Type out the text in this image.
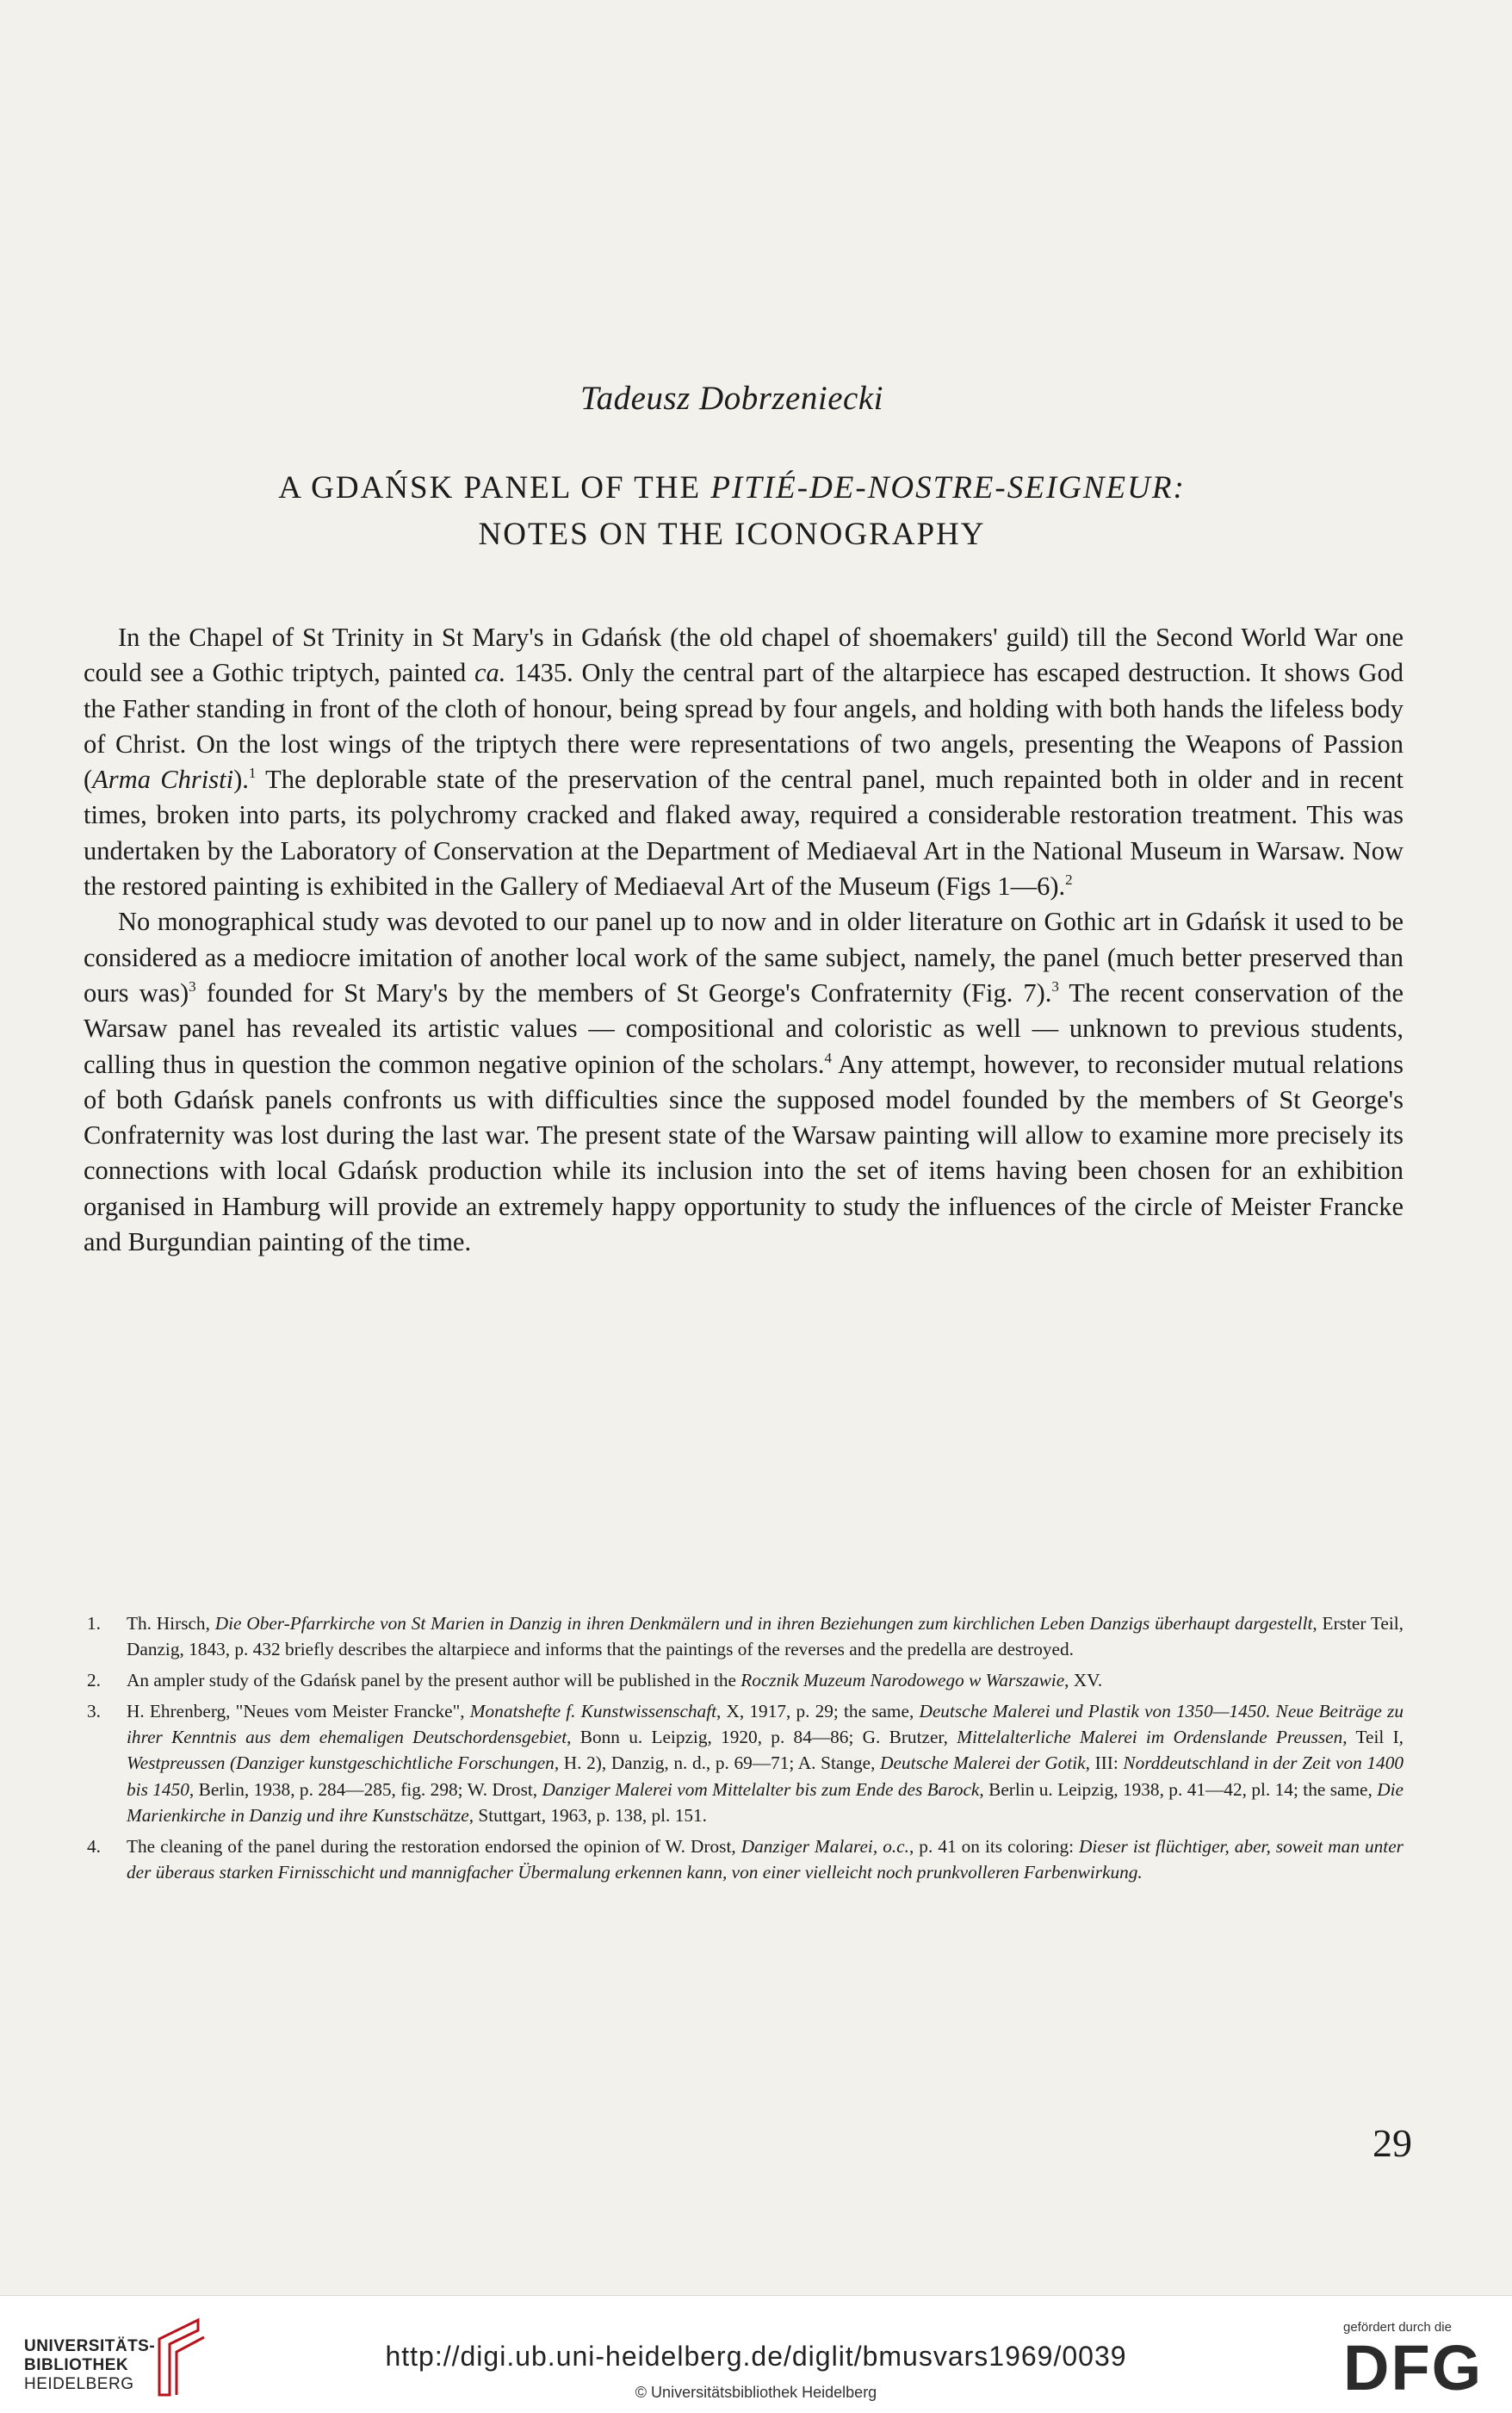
Tadeusz Dobrzeniecki
A GDAŃSK PANEL OF THE PITIÉ-DE-NOSTRE-SEIGNEUR:
NOTES ON THE ICONOGRAPHY

In the Chapel of St Trinity in St Mary's in Gdańsk (the old chapel of shoemakers' guild) till the Second World War one could see a Gothic triptych, painted ca. 1435. Only the central part of the altarpiece has escaped destruction. It shows God the Father standing in front of the cloth of honour, being spread by four angels, and holding with both hands the lifeless body of Christ. On the lost wings of the triptych there were representations of two angels, presenting the Weapons of Passion (Arma Christi).$^1$ The deplorable state of the preservation of the central panel, much repainted both in older and in recent times, broken into parts, its polychromy cracked and flaked away, required a considerable restoration treatment. This was undertaken by the Laboratory of Conservation at the Department of Mediaeval Art in the National Museum in Warsaw. Now the restored painting is exhibited in the Gallery of Mediaeval Art of the Museum (Figs 1—6).$^2$

No monographical study was devoted to our panel up to now and in older literature on Gothic art in Gdańsk it used to be considered as a mediocre imitation of another local work of the same subject, namely, the panel (much better preserved than ours was)$^3$ founded for St Mary's by the members of St George's Confraternity (Fig. 7).$^3$ The recent conservation of the Warsaw panel has revealed its artistic values — compositional and coloristic as well — unknown to previous students, calling thus in question the common negative opinion of the scholars.$^4$ Any attempt, however, to reconsider mutual relations of both Gdańsk panels confronts us with difficulties since the supposed model founded by the members of St George's Confraternity was lost during the last war. The present state of the Warsaw painting will allow to examine more precisely its connections with local Gdańsk production while its inclusion into the set of items having been chosen for an exhibition organised in Hamburg will provide an extremely happy opportunity to study the influences of the circle of Meister Francke and Burgundian painting of the time.

1. Th. Hirsch, Die Ober-Pfarrkirche von St Marien in Danzig in ihren Denkmälern und in ihren Beziehungen zum kirchlichen Leben Danzigs überhaupt dargestellt, Erster Teil, Danzig, 1843, p. 432 briefly describes the altarpiece and informs that the paintings of the reverses and the predella are destroyed.
2. An ampler study of the Gdańsk panel by the present author will be published in the Rocznik Muzeum Narodowego w Warszawie, XV.
3. H. Ehrenberg, "Neues vom Meister Francke", Monatshefte f. Kunstwissenschaft, X, 1917, p. 29; the same, Deutsche Malerei und Plastik von 1350—1450. Neue Beiträge zu ihrer Kenntnis aus dem ehemaligen Deutschordensgebiet, Bonn u. Leipzig, 1920, p. 84—86; G. Brutzer, Mittelalterliche Malerei im Ordenslande Preussen, Teil I, Westpreussen (Danziger kunstgeschichtliche Forschungen, H. 2), Danzig, n. d., p. 69—71; A. Stange, Deutsche Malerei der Gotik, III: Norddeutschland in der Zeit von 1400 bis 1450, Berlin, 1938, p. 284—285, fig. 298; W. Drost, Danziger Malerei vom Mittelalter bis zum Ende des Barock, Berlin u. Leipzig, 1938, p. 41—42, pl. 14; the same, Die Marienkirche in Danzig und ihre Kunstschätze, Stuttgart, 1963, p. 138, pl. 151.
4. The cleaning of the panel during the restoration endorsed the opinion of W. Drost, Danziger Malarei, o.c., p. 41 on its coloring: Dieser ist flüchtiger, aber, soweit man unter der überaus starken Firnisschicht und mannigfacher Übermalung erkennen kann, von einer vielleicht noch prunkvolleren Farbenwirkung.
29
UNIVERSITÄTS-
BIBLIOTHEK
HEIDELBERG
http://digi.ub.uni-heidelberg.de/diglit/bmusvars1969/0039
© Universitätsbibliothek Heidelberg
gefördert durch die
DFG
